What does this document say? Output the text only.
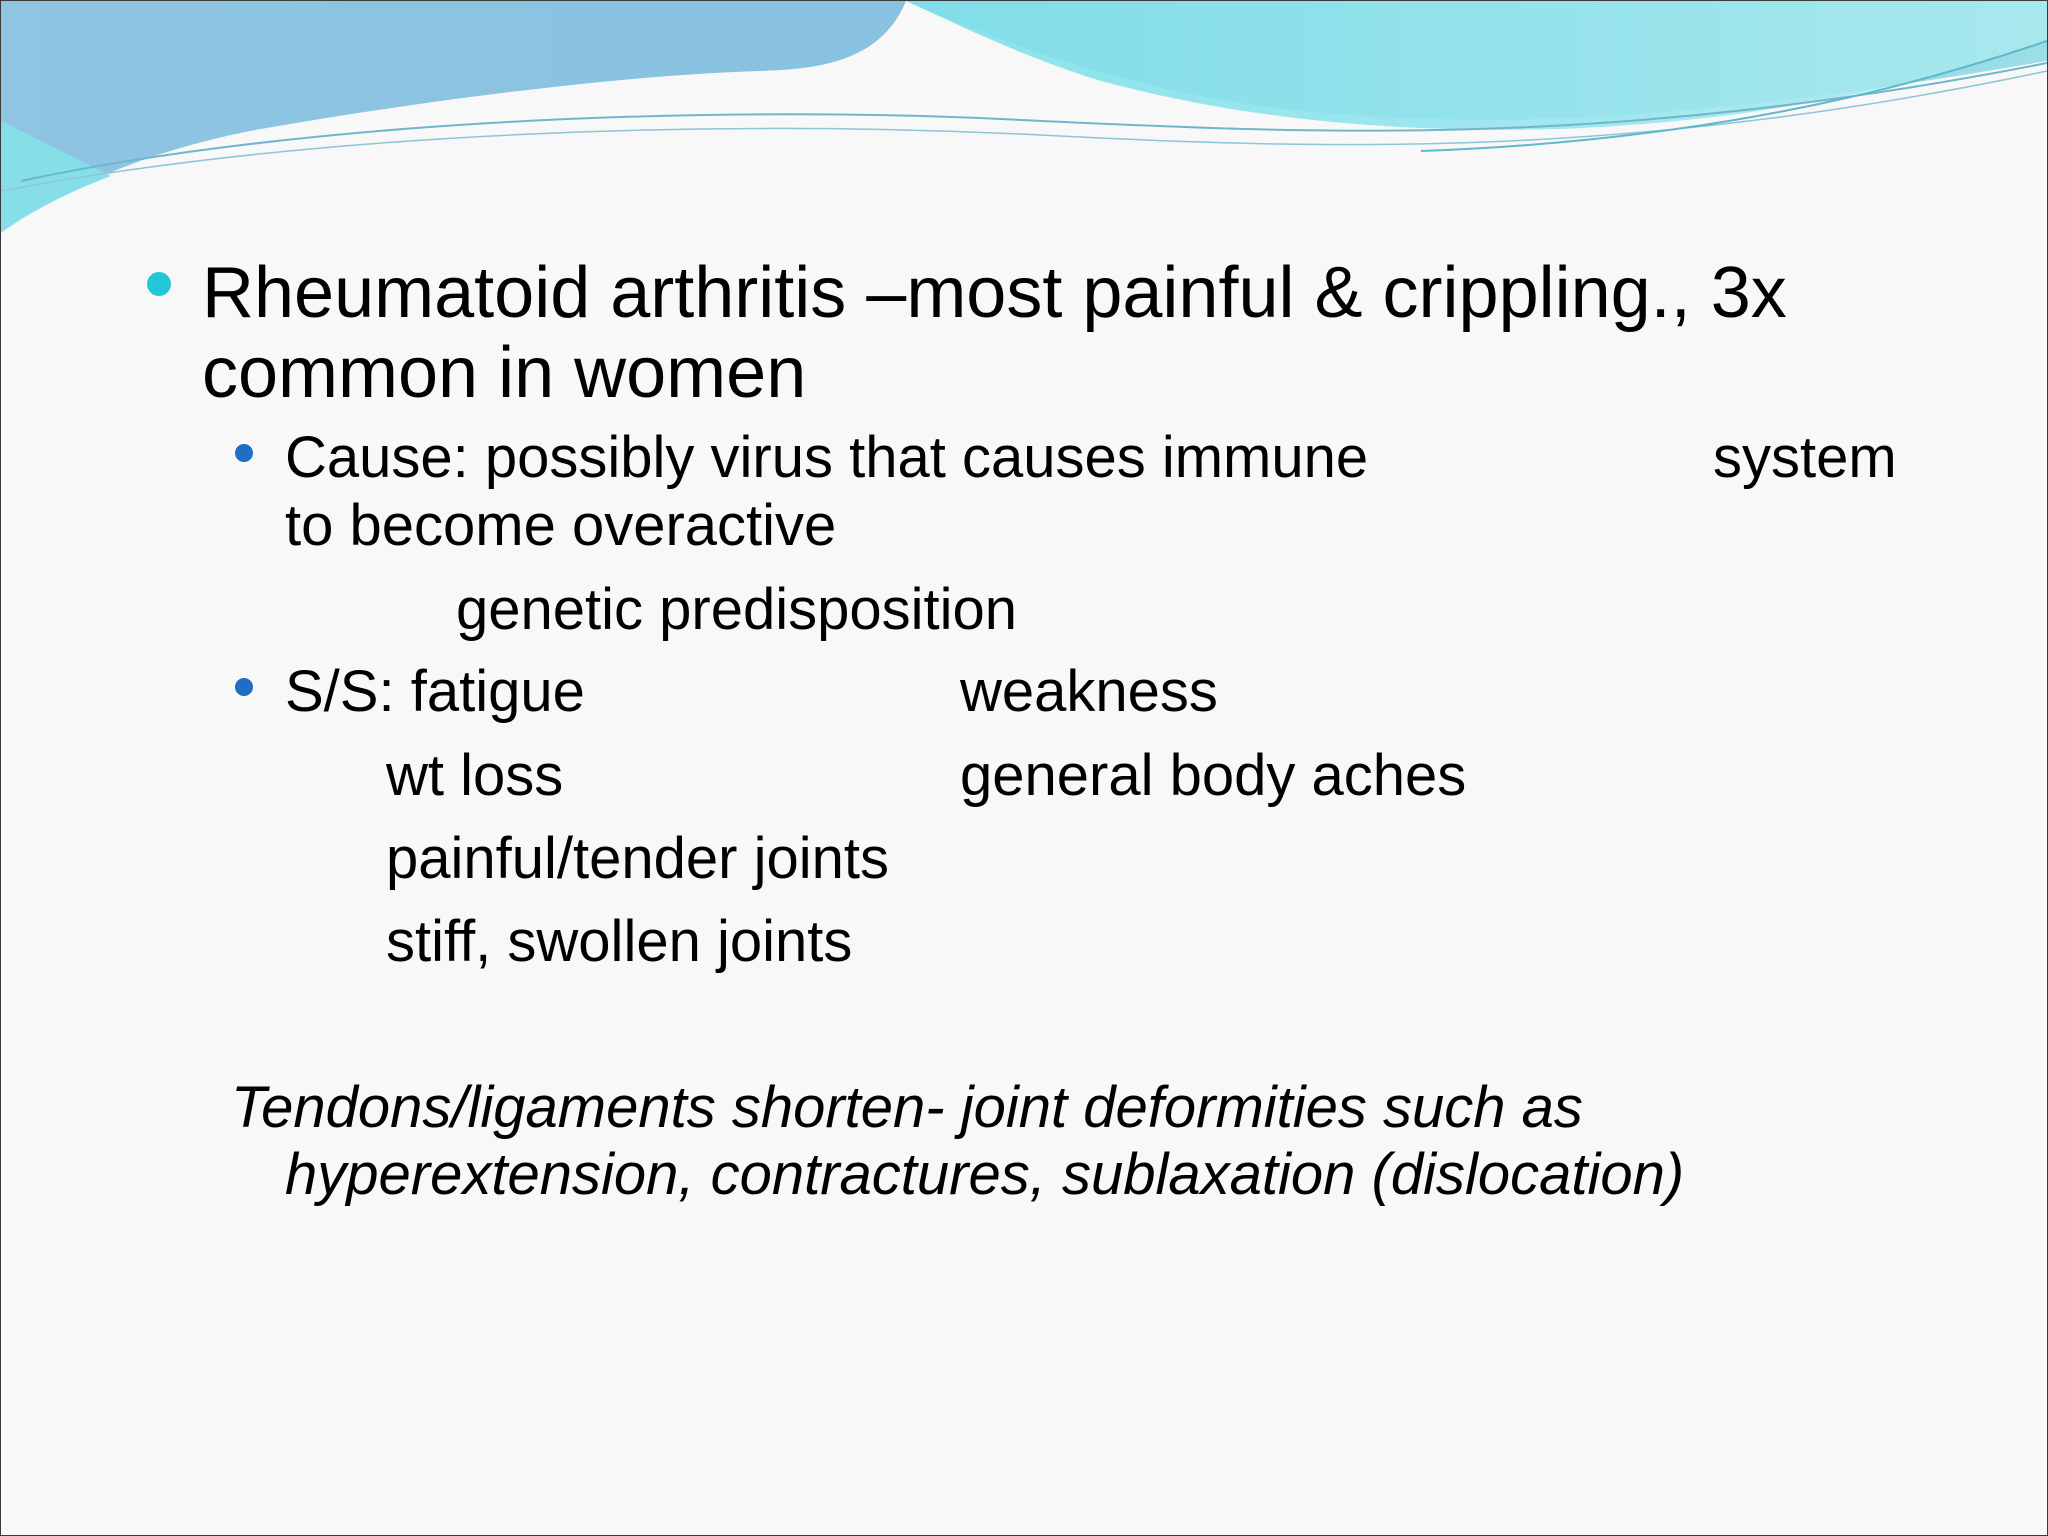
Rheumatoid arthritis –most painful & crippling., 3x
common in women
Cause: possibly virus that causes immune	system
to become overactive
genetic predisposition
S/S: fatigue	weakness
wt loss	general body aches
painful/tender joints
stiff, swollen joints
Tendons/ligaments shorten- joint deformities such as
hyperextension, contractures, sublaxation (dislocation)
